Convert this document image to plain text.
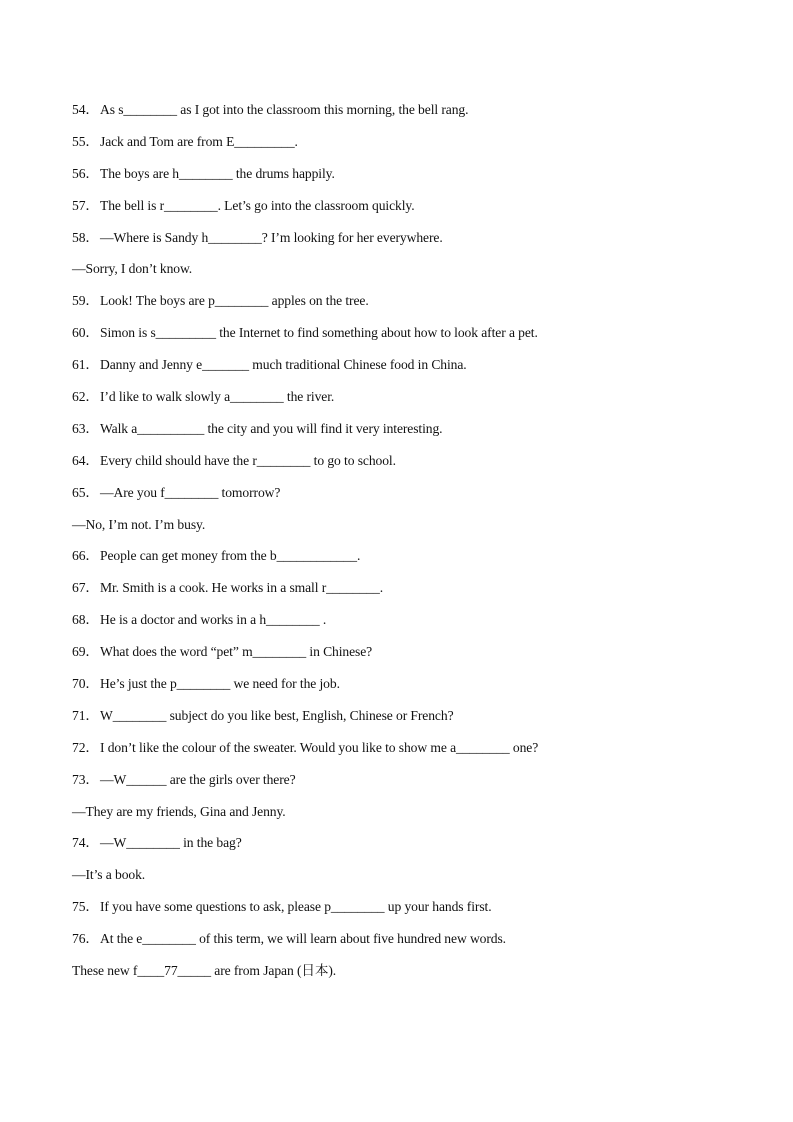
54．As s________ as I got into the classroom this morning, the bell rang.
55．Jack and Tom are from E_________.
56．The boys are h________ the drums happily.
57．The bell is r________. Let’s go into the classroom quickly.
58．—Where is Sandy h________? I’m looking for her everywhere.
—Sorry, I don’t know.
59．Look! The boys are p________ apples on the tree.
60．Simon is s_________ the Internet to find something about how to look after a pet.
61．Danny and Jenny e_______ much traditional Chinese food in China.
62．I’d like to walk slowly a________ the river.
63．Walk a__________ the city and you will find it very interesting.
64．Every child should have the r________ to go to school.
65．—Are you f________ tomorrow?
—No, I’m not. I’m busy.
66．People can get money from the b____________.
67．Mr. Smith is a cook. He works in a small r________.
68．He is a doctor and works in a h________ .
69．What does the word “pet” m________ in Chinese?
70．He’s just the p________ we need for the job.
71．W________ subject do you like best, English, Chinese or French?
72．I don’t like the colour of the sweater. Would you like to show me a________ one?
73．—W______ are the girls over there?
—They are my friends, Gina and Jenny.
74．—W________ in the bag?
—It’s a book.
75．If you have some questions to ask, please p________ up your hands first.
76．At the e________ of this term, we will learn about five hundred new words.
These new f____77_____ are from Japan (日本).
